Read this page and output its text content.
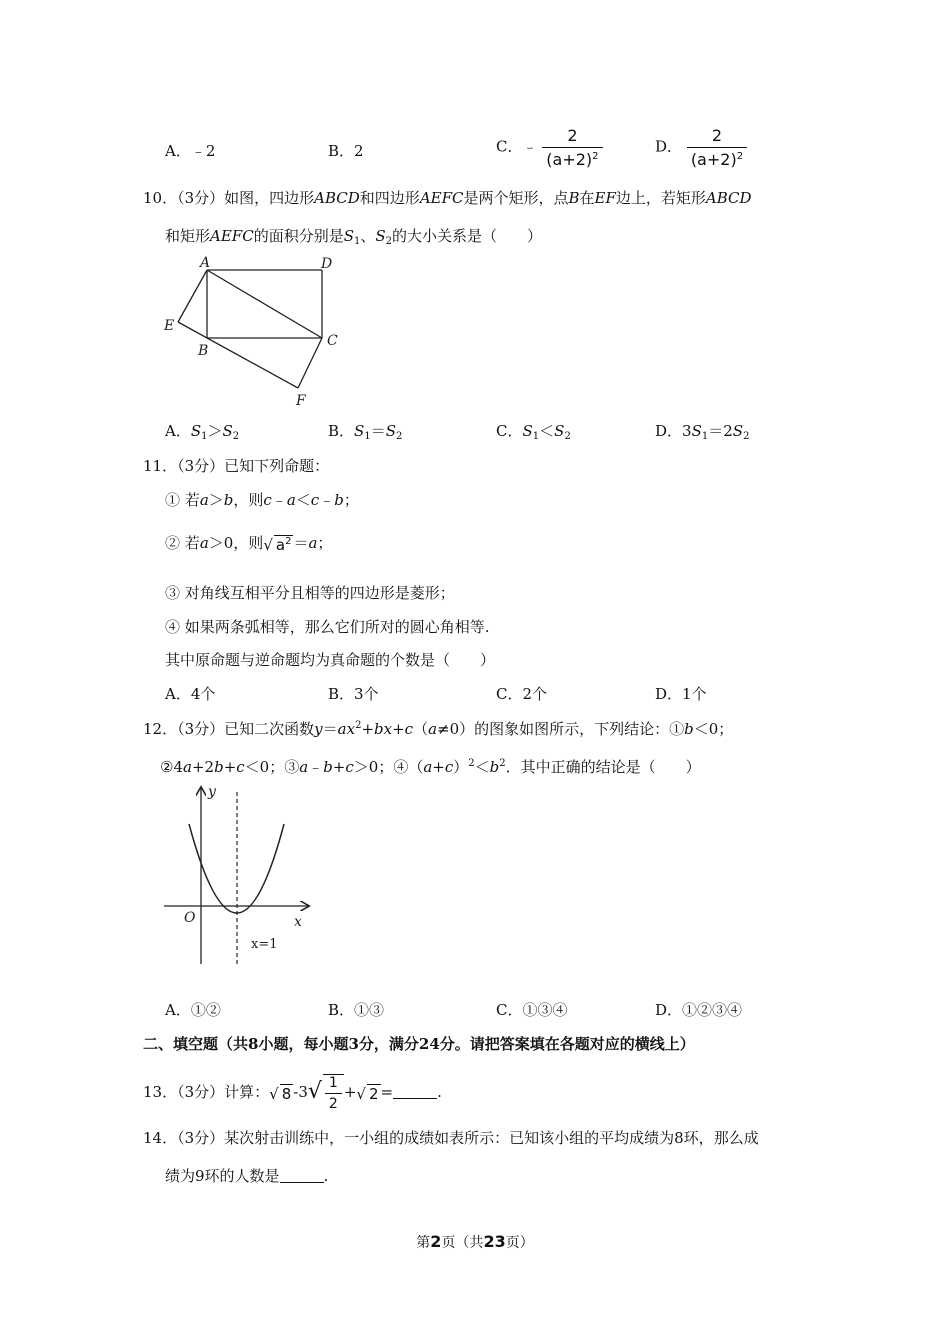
A．﹣2	B．2	C．﹣ $\frac{2}{(a+2)^2}$	D． $\frac{2}{(a+2)^2}$
10．（3分）如图，四边形ABCD和四边形AEFC是两个矩形，点B在EF边上，若矩形ABCD
和矩形AEFC的面积分别是$S_1$、$S_2$的大小关系是（　　）
A	D
E
B
C
F
A．$S_1>S_2$	B．$S_1=S_2$	C．$S_1<S_2$	D．$3S_1=2S_2$
11．（3分）已知下列命题：
① 若a＞b，则c﹣a＜c﹣b；
② 若a＞0，则√ $a^2 =a$；
③ 对角线互相平分且相等的四边形是菱形；
④ 如果两条弧相等，那么它们所对的圆心角相等.
其中原命题与逆命题均为真命题的个数是（　　）
A．4个	B．3个	C．2个	D．1个
12．（3分）已知二次函数$y=ax^2+bx+c(a\ne 0)$的图象如图所示，下列结论：①b＜0；
②4a+2b+c＜0；③a﹣b+c＞0；$④(a+c)^2<b^2$．其中正确的结论是（　　）
y
x
O
x=1
A．①②	B．①③	C．①③④	D．①②③④
二、填空题（共8小题，每小题3分，满分24分。请把答案填在各题对应的横线上）
13．（3分）计算：√ 8 $-3√ \frac{1}{2}$ +√ 2 =	.
14．（3分）某次射击训练中，一小组的成绩如表所示：已知该小组的平均成绩为8环，那么成
绩为9环的人数是	.
第2页（共23页）
